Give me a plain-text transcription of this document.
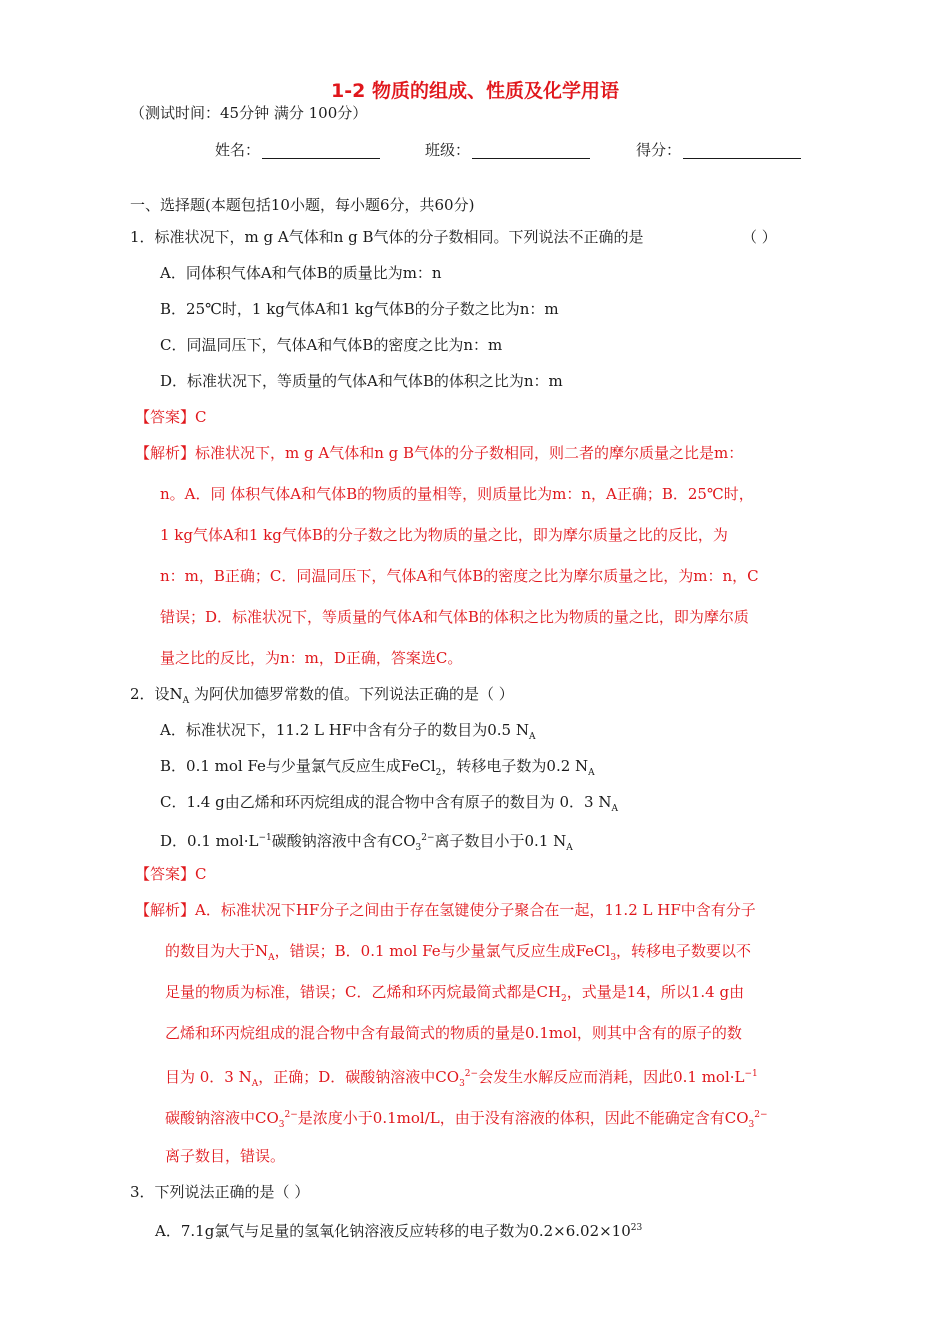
1-2 物质的组成、性质及化学用语
（测试时间：45分钟 满分 100分）
姓名：	班级：	得分：
一、选择题(本题包括10小题，每小题6分，共60分)
1．标准状况下，m g A气体和n g B气体的分子数相同。下列说法不正确的是	（ ）
A．同体积气体A和气体B的质量比为m：n
B．25℃时，1 kg气体A和1 kg气体B的分子数之比为n：m
C．同温同压下，气体A和气体B的密度之比为n：m
D．标准状况下，等质量的气体A和气体B的体积之比为n：m
【答案】C
【解析】标准状况下，m g A气体和n g B气体的分子数相同，则二者的摩尔质量之比是m：
n。A．同 体积气体A和气体B的物质的量相等，则质量比为m：n，A正确；B．25℃时，
1 kg气体A和1 kg气体B的分子数之比为物质的量之比，即为摩尔质量之比的反比，为
n：m，B正确；C．同温同压下，气体A和气体B的密度之比为摩尔质量之比，为m：n，C
错误；D．标准状况下，等质量的气体A和气体B的体积之比为物质的量之比，即为摩尔质
量之比的反比，为n：m，D正确，答案选C。
2．设$N_A$ 为阿伏加德罗常数的值。下列说法正确的是（ ）
A．标准状况下，11.2 L HF中含有分子的数目为0.5 $N_A$
B．0.1 mol Fe与少量氯气反应生成FeCl$_2$，转移电子数为0.2 $N_A$
C．1.4 g由乙烯和环丙烷组成的混合物中含有原子的数目为 0．3 $N_A$
D．0.1 $mol\cdot L^{-1}$碳酸钠溶液中含有$CO_3^{2-}$离子数目小于0.1 $N_A$
【答案】C
【解析】A．标准状况下HF分子之间由于存在氢键使分子聚合在一起，11.2 L HF中含有分子
的数目为大于$N_A$，错误；B．0.1 mol Fe与少量氯气反应生成FeCl$_3$，转移电子数要以不
足量的物质为标准，错误；C．乙烯和环丙烷最简式都是$CH_2$，式量是14，所以1.4 g由
乙烯和环丙烷组成的混合物中含有最简式的物质的量是0.1mol，则其中含有的原子的数
目为 0．3 $N_A$，正确；D．碳酸钠溶液中$CO_3^{2-}$会发生水解反应而消耗，因此0.1 $mol\cdot L^{-1}$
碳酸钠溶液中$CO_3^{2-}$是浓度小于0.1mol/L，由于没有溶液的体积，因此不能确定含有$CO_3^{2-}$
离子数目，错误。
3．下列说法正确的是（ ）
A．7.1g氯气与足量的氢氧化钠溶液反应转移的电子数为$0.2\times 6.02\times 10^{23}$
